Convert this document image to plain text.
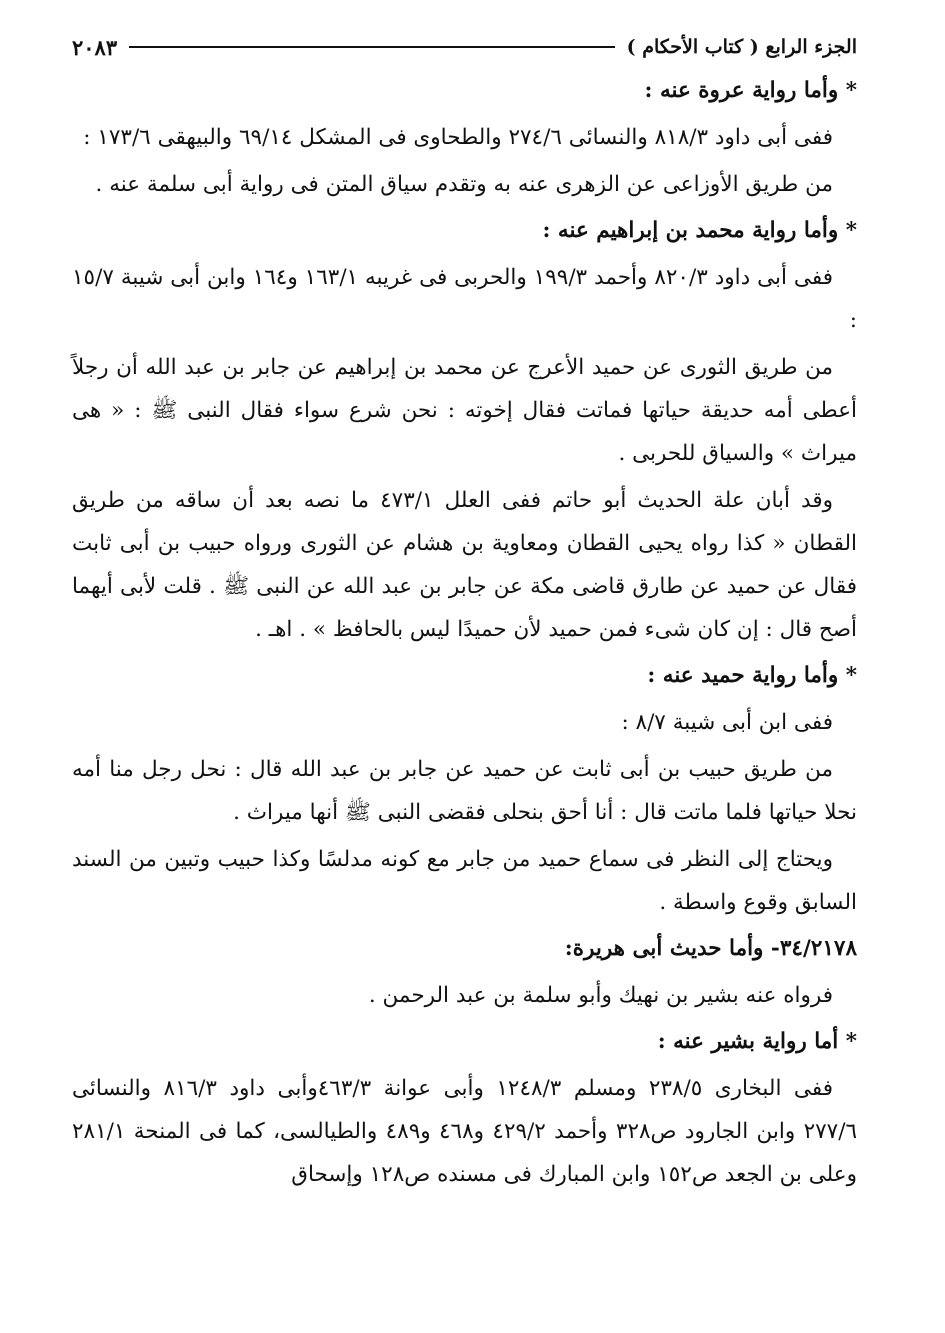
الجزء الرابع ( كتاب الأحكام )
٢٠٨٣
* وأما رواية عروة عنه :
ففى أبى داود ٨١٨/٣ والنسائى ٢٧٤/٦ والطحاوى فى المشكل ٦٩/١٤ والبيهقى ١٧٣/٦ :
من طريق الأوزاعى عن الزهرى عنه به وتقدم سياق المتن فى رواية أبى سلمة عنه .
* وأما رواية محمد بن إبراهيم عنه :
ففى أبى داود ٨٢٠/٣ وأحمد ١٩٩/٣ والحربى فى غريبه ١٦٣/١ و١٦٤ وابن أبى شيبة ١٥/٧ :
من طريق الثورى عن حميد الأعرج عن محمد بن إبراهيم عن جابر بن عبد الله أن رجلاً أعطى أمه حديقة حياتها فماتت فقال إخوته : نحن شرع سواء فقال النبى ﷺ : « هى ميراث » والسياق للحربى .
وقد أبان علة الحديث أبو حاتم ففى العلل ٤٧٣/١ ما نصه بعد أن ساقه من طريق القطان « كذا رواه يحيى القطان ومعاوية بن هشام عن الثورى ورواه حبيب بن أبى ثابت فقال عن حميد عن طارق قاضى مكة عن جابر بن عبد الله عن النبى ﷺ . قلت لأبى أيهما أصح قال : إن كان شىء فمن حميد لأن حميدًا ليس بالحافظ » . اهـ .
* وأما رواية حميد عنه :
ففى ابن أبى شيبة ٨/٧ :
من طريق حبيب بن أبى ثابت عن حميد عن جابر بن عبد الله قال : نحل رجل منا أمه نحلا حياتها فلما ماتت قال : أنا أحق بنحلى فقضى النبى ﷺ أنها ميراث .
ويحتاج إلى النظر فى سماع حميد من جابر مع كونه مدلسًا وكذا حبيب وتبين من السند السابق وقوع واسطة .
٣٤/٢١٧٨- وأما حديث أبى هريرة:
فرواه عنه بشير بن نهيك وأبو سلمة بن عبد الرحمن .
* أما رواية بشير عنه :
ففى البخارى ٢٣٨/٥ ومسلم ١٢٤٨/٣ وأبى عوانة ٤٦٣/٣وأبى داود ٨١٦/٣ والنسائى ٢٧٧/٦ وابن الجارود ص٣٢٨ وأحمد ٤٢٩/٢ و٤٦٨ و٤٨٩ والطيالسى، كما فى المنحة ٢٨١/١ وعلى بن الجعد ص١٥٢ وابن المبارك فى مسنده ص١٢٨ وإسحاق
